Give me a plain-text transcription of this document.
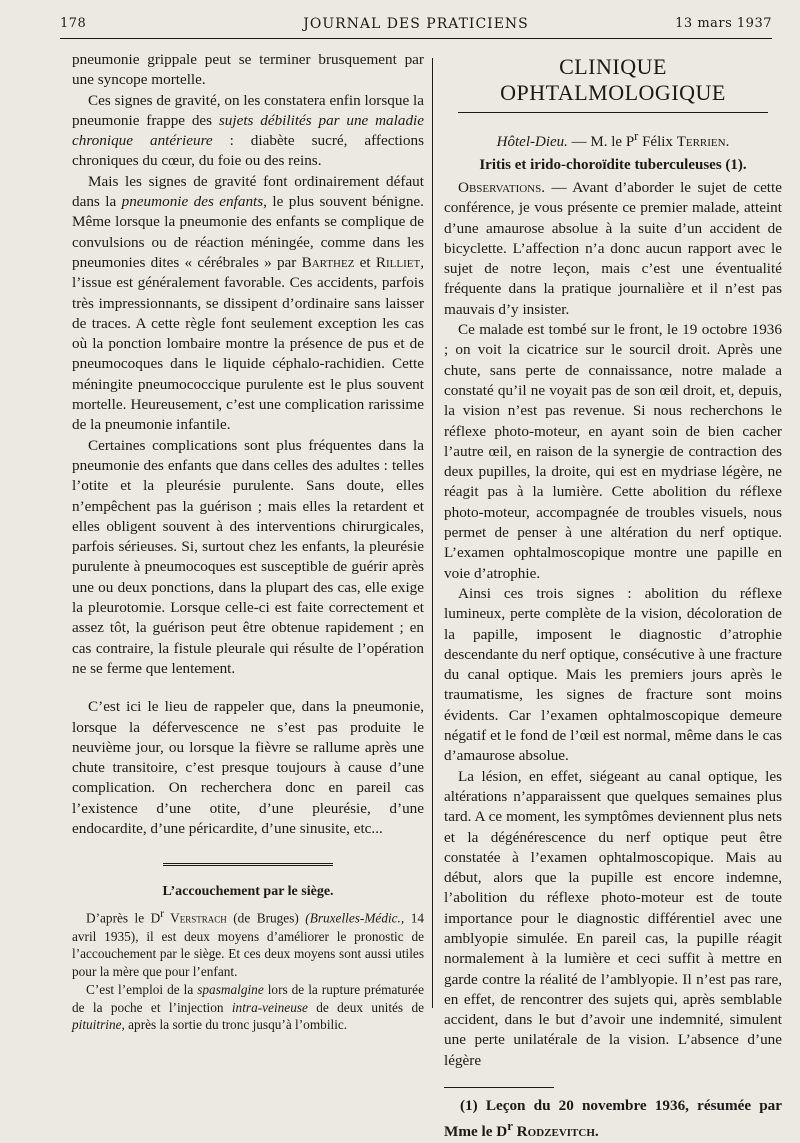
178	JOURNAL DES PRATICIENS	13 mars 1937

pneumonie grippale peut se terminer brusquement par une syncope mortelle.

Ces signes de gravité, on les constatera enfin lorsque la pneumonie frappe des sujets débilités par une maladie chronique antérieure : diabète sucré, affections chroniques du cœur, du foie ou des reins.

Mais les signes de gravité font ordinairement défaut dans la pneumonie des enfants, le plus souvent bénigne. Même lorsque la pneumonie des enfants se complique de convulsions ou de réaction méningée, comme dans les pneumonies dites « cérébrales » par Barthez et Rilliet, l’issue est généralement favorable. Ces accidents, parfois très impressionnants, se dissipent d’ordinaire sans laisser de traces. A cette règle font seulement exception les cas où la ponction lombaire montre la présence de pus et de pneumocoques dans le liquide céphalo-rachidien. Cette méningite pneumococcique purulente est le plus souvent mortelle. Heureusement, c’est une complication rarissime de la pneumonie infantile.

Certaines complications sont plus fréquentes dans la pneumonie des enfants que dans celles des adultes : telles l’otite et la pleurésie purulente. Sans doute, elles n’empêchent pas la guérison ; mais elles la retardent et elles obligent souvent à des interventions chirurgicales, parfois sérieuses. Si, surtout chez les enfants, la pleurésie purulente à pneumocoques est susceptible de guérir après une ou deux ponctions, dans la plupart des cas, elle exige la pleurotomie. Lorsque celle-ci est faite correctement et assez tôt, la guérison peut être obtenue rapidement ; en cas contraire, la fistule pleurale qui résulte de l’opération ne se ferme que lentement.

C’est ici le lieu de rappeler que, dans la pneumonie, lorsque la défervescence ne s’est pas produite le neuvième jour, ou lorsque la fièvre se rallume après une chute transitoire, c’est presque toujours à cause d’une complication. On recherchera donc en pareil cas l’existence d’une otite, d’une pleurésie, d’une endocardite, d’une péricardite, d’une sinusite, etc...

L’accouchement par le siège.

D’après le $D^r$ Verstrach (de Bruges) (Bruxelles-Médic., 14 avril 1935), il est deux moyens d’améliorer le pronostic de l’accouchement par le siège. Et ces deux moyens sont aussi utiles pour la mère que pour l’enfant.

C’est l’emploi de la spasmalgine lors de la rupture prématurée de la poche et l’injection intra-veineuse de deux unités de pituitrine, après la sortie du tronc jusqu’à l’ombilic.

CLINIQUE OPHTALMOLOGIQUE
Hôtel-Dieu. — M. le $P^r$ Félix Terrien.
Iritis et irido-choroïdite tuberculeuses (1).

Observations. — Avant d’aborder le sujet de cette conférence, je vous présente ce premier malade, atteint d’une amaurose absolue à la suite d’un accident de bicyclette. L’affection n’a donc aucun rapport avec le sujet de notre leçon, mais c’est une éventualité fréquente dans la pratique journalière et il n’est pas mauvais d’y insister.

Ce malade est tombé sur le front, le 19 octobre 1936 ; on voit la cicatrice sur le sourcil droit. Après une chute, sans perte de connaissance, notre malade a constaté qu’il ne voyait pas de son œil droit, et, depuis, la vision n’est pas revenue. Si nous recherchons le réflexe photo-moteur, en ayant soin de bien cacher l’autre œil, en raison de la synergie de contraction des deux pupilles, la droite, qui est en mydriase légère, ne réagit pas à la lumière. Cette abolition du réflexe photo-moteur, accompagnée de troubles visuels, nous permet de penser à une altération du nerf optique. L’examen ophtalmoscopique montre une papille en voie d’atrophie.

Ainsi ces trois signes : abolition du réflexe lumineux, perte complète de la vision, décoloration de la papille, imposent le diagnostic d’atrophie descendante du nerf optique, consécutive à une fracture du canal optique. Mais les premiers jours après le traumatisme, les signes de fracture sont moins évidents. Car l’examen ophtalmoscopique demeure négatif et le fond de l’œil est normal, même dans le cas d’amaurose absolue.

La lésion, en effet, siégeant au canal optique, les altérations n’apparaissent que quelques semaines plus tard. A ce moment, les symptômes deviennent plus nets et la dégénérescence du nerf optique peut être constatée à l’examen ophtalmoscopique. Mais au début, alors que la pupille est encore indemne, l’abolition du réflexe photo-moteur est de toute importance pour le diagnostic différentiel avec une amblyopie simulée. En pareil cas, la pupille réagit normalement à la lumière et ceci suffit à mettre en garde contre la réalité de l’amblyopie. Il n’est pas rare, en effet, de rencontrer des sujets qui, après semblable accident, dans le but d’avoir une indemnité, simulent une perte unilatérale de la vision. L’absence d’une légère

(1) Leçon du 20 novembre 1936, résumée par Mme le $D^r$ Rodzevitch.
